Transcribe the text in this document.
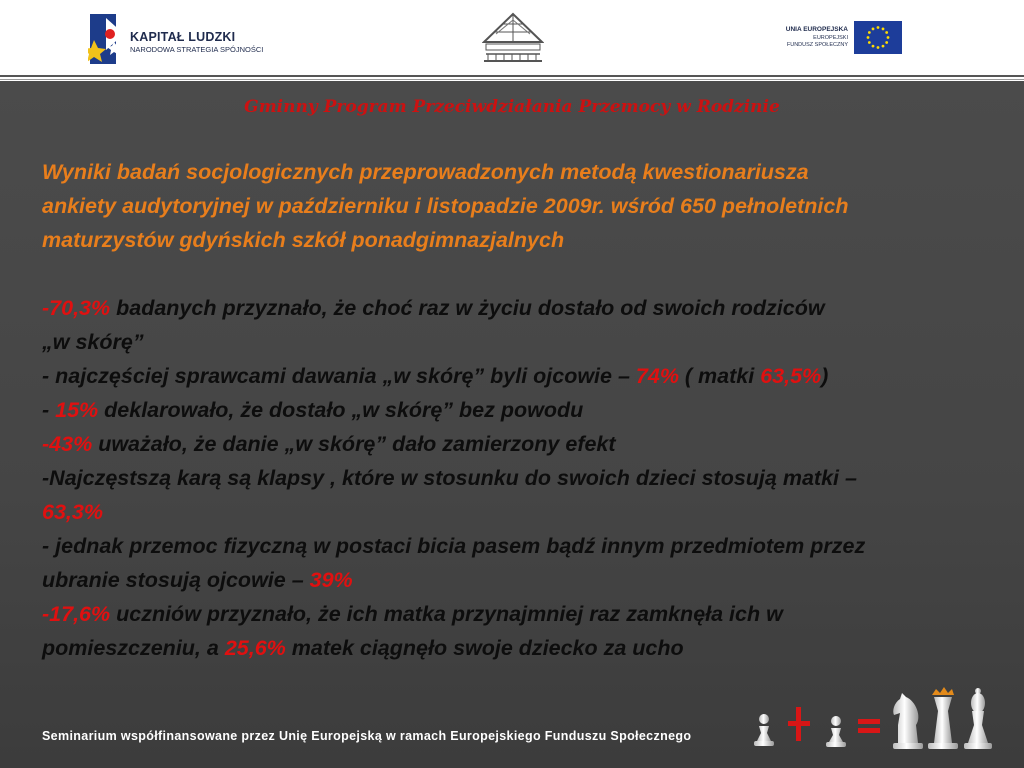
KAPITAŁ LUDZKI
NARODOWA STRATEGIA SPÓJNOŚCI
UNIA EUROPEJSKA
EUROPEJSKI
FUNDUSZ SPOŁECZNY
Gminny Program Przeciwdziałania Przemocy w Rodzinie
Wyniki badań socjologicznych przeprowadzonych metodą kwestionariusza
ankiety audytoryjnej w październiku i listopadzie 2009r. wśród 650 pełnoletnich
maturzystów gdyńskich szkół ponadgimnazjalnych
-70,3% badanych przyznało, że choć raz w życiu dostało od swoich rodziców
„w skórę”
- najczęściej sprawcami dawania „w skórę” byli ojcowie – 74% ( matki 63,5%)
- 15% deklarowało, że dostało „w skórę” bez powodu
-43% uważało, że danie „w skórę” dało zamierzony efekt
-Najczęstszą karą są klapsy , które w stosunku do swoich dzieci stosują matki –
63,3%
- jednak przemoc fizyczną w postaci bicia pasem bądź innym przedmiotem przez
ubranie stosują ojcowie – 39%
-17,6% uczniów przyznało, że ich matka przynajmniej raz zamknęła ich w
pomieszczeniu, a 25,6% matek ciągnęło swoje dziecko za ucho
Seminarium współfinansowane przez Unię Europejską w ramach Europejskiego Funduszu Społecznego
